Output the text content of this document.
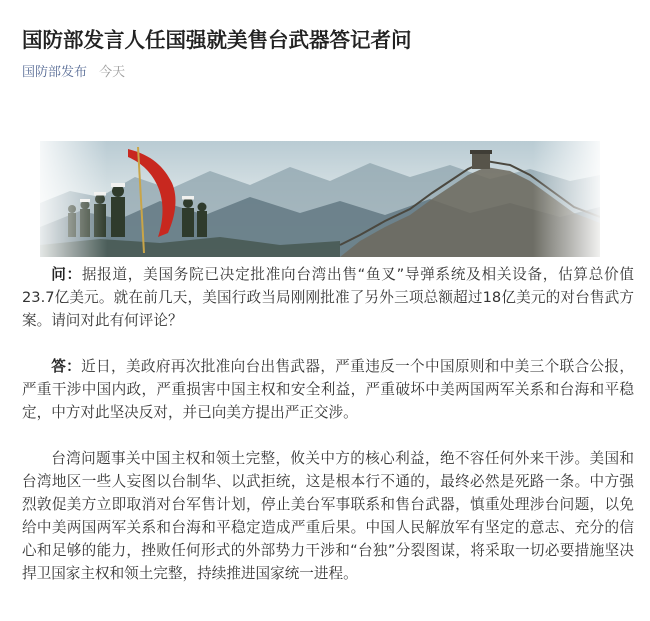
国防部发言人任国强就美售台武器答记者问
国防部发布 今天

问：据报道，美国务院已决定批准向台湾出售“鱼叉”导弹系统及相关设备，估算总价值23.7亿美元。就在前几天，美国行政当局刚刚批准了另外三项总额超过18亿美元的对台售武方案。请问对此有何评论？

答：近日，美政府再次批准向台出售武器，严重违反一个中国原则和中美三个联合公报，严重干涉中国内政，严重损害中国主权和安全利益，严重破坏中美两国两军关系和台海和平稳定，中方对此坚决反对，并已向美方提出严正交涉。

台湾问题事关中国主权和领土完整，攸关中方的核心利益，绝不容任何外来干涉。美国和台湾地区一些人妄图以台制华、以武拒统，这是根本行不通的，最终必然是死路一条。中方强烈敦促美方立即取消对台军售计划，停止美台军事联系和售台武器，慎重处理涉台问题，以免给中美两国两军关系和台海和平稳定造成严重后果。中国人民解放军有坚定的意志、充分的信心和足够的能力，挫败任何形式的外部势力干涉和“台独”分裂图谋，将采取一切必要措施坚决捍卫国家主权和领土完整，持续推进国家统一进程。
